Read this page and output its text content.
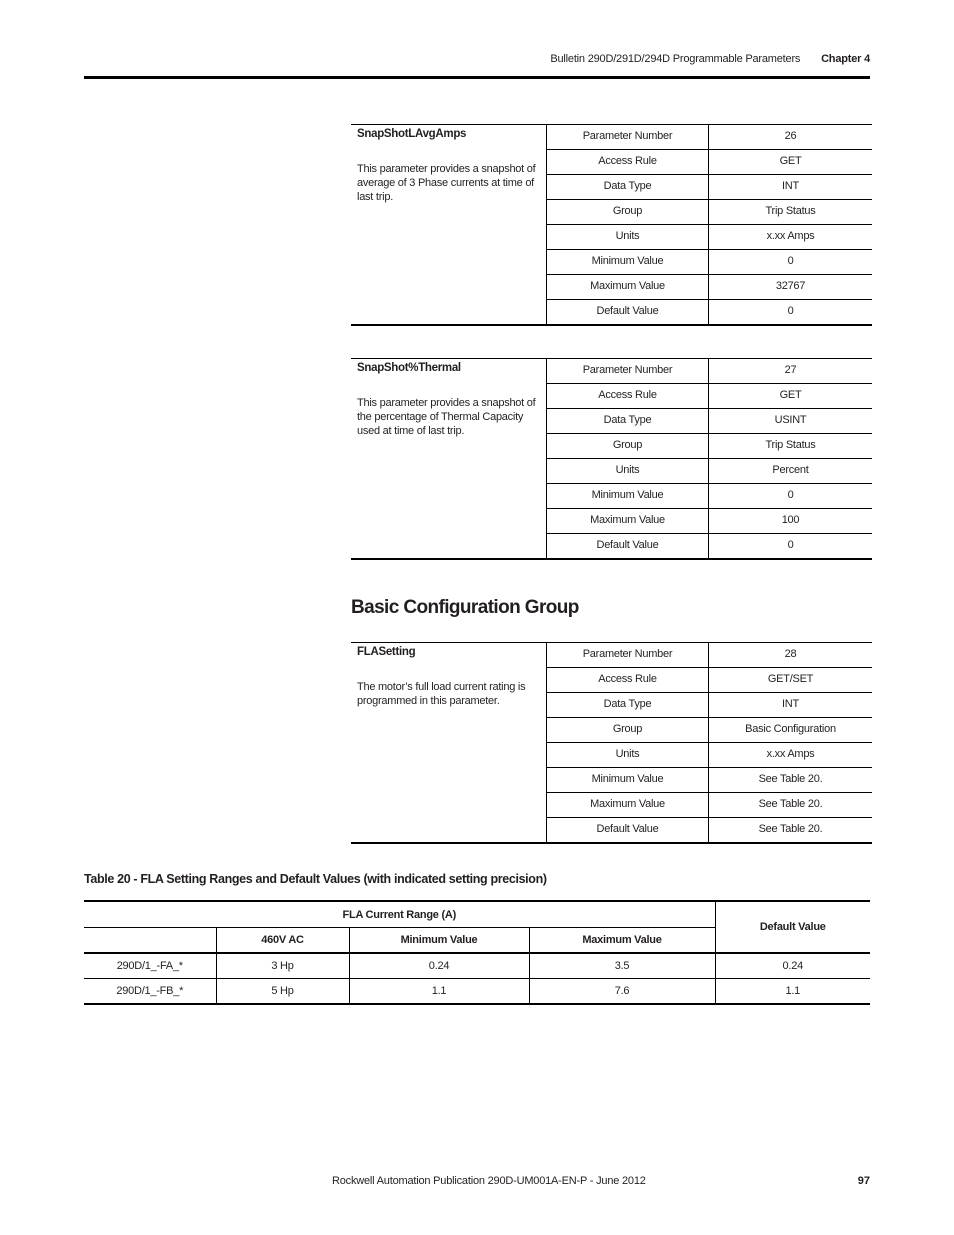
Bulletin 290D/291D/294D Programmable Parameters Chapter 4
SnapShotLAvgAmps
This parameter provides a snapshot of average of 3 Phase currents at time of last trip.
Parameter Number	26
Access Rule	GET
Data Type	INT
Group	Trip Status
Units	x.xx Amps
Minimum Value	0
Maximum Value	32767
Default Value	0
SnapShot%Thermal
This parameter provides a snapshot of the percentage of Thermal Capacity used at time of last trip.
Parameter Number	27
Access Rule	GET
Data Type	USINT
Group	Trip Status
Units	Percent
Minimum Value	0
Maximum Value	100
Default Value	0
Basic Configuration Group
FLASetting
The motor’s full load current rating is programmed in this parameter.
Parameter Number	28
Access Rule	GET/SET
Data Type	INT
Group	Basic Configuration
Units	x.xx Amps
Minimum Value	See Table 20.
Maximum Value	See Table 20.
Default Value	See Table 20.
Table 20 - FLA Setting Ranges and Default Values (with indicated setting precision)
FLA Current Range (A)				Default Value
	460V AC	Minimum Value	Maximum Value	
290D/1_-FA_*	3 Hp	0.24	3.5	0.24
290D/1_-FB_*	5 Hp	1.1	7.6	1.1
Rockwell Automation Publication 290D-UM001A-EN-P - June 2012	97
